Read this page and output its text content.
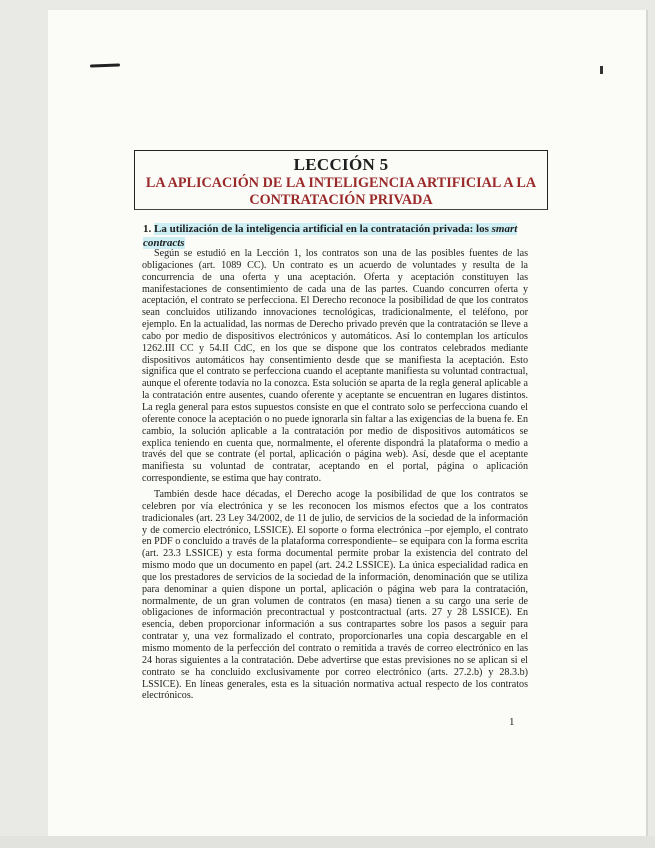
LECCIÓN 5
LA APLICACIÓN DE LA INTELIGENCIA ARTIFICIAL A LA CONTRATACIÓN PRIVADA
1. La utilización de la inteligencia artificial en la contratación privada: los smart contracts

Según se estudió en la Lección 1, los contratos son una de las posibles fuentes de las obligaciones (art. 1089 CC). Un contrato es un acuerdo de voluntades y resulta de la concurrencia de una oferta y una aceptación. Oferta y aceptación constituyen las manifestaciones de consentimiento de cada una de las partes. Cuando concurren oferta y aceptación, el contrato se perfecciona. El Derecho reconoce la posibilidad de que los contratos sean concluidos utilizando innovaciones tecnológicas, tradicionalmente, el teléfono, por ejemplo. En la actualidad, las normas de Derecho privado prevén que la contratación se lleve a cabo por medio de dispositivos electrónicos y automáticos. Así lo contemplan los artículos 1262.III CC y 54.II CdC, en los que se dispone que los contratos celebrados mediante dispositivos automáticos hay consentimiento desde que se manifiesta la aceptación. Esto significa que el contrato se perfecciona cuando el aceptante manifiesta su voluntad contractual, aunque el oferente todavía no la conozca. Esta solución se aparta de la regla general aplicable a la contratación entre ausentes, cuando oferente y aceptante se encuentran en lugares distintos. La regla general para estos supuestos consiste en que el contrato solo se perfecciona cuando el oferente conoce la aceptación o no puede ignorarla sin faltar a las exigencias de la buena fe. En cambio, la solución aplicable a la contratación por medio de dispositivos automáticos se explica teniendo en cuenta que, normalmente, el oferente dispondrá la plataforma o medio a través del que se contrate (el portal, aplicación o página web). Así, desde que el aceptante manifiesta su voluntad de contratar, aceptando en el portal, página o aplicación correspondiente, se estima que hay contrato.

También desde hace décadas, el Derecho acoge la posibilidad de que los contratos se celebren por vía electrónica y se les reconocen los mismos efectos que a los contratos tradicionales (art. 23 Ley 34/2002, de 11 de julio, de servicios de la sociedad de la información y de comercio electrónico, LSSICE). El soporte o forma electrónica –por ejemplo, el contrato en PDF o concluido a través de la plataforma correspondiente– se equipara con la forma escrita (art. 23.3 LSSICE) y esta forma documental permite probar la existencia del contrato del mismo modo que un documento en papel (art. 24.2 LSSICE). La única especialidad radica en que los prestadores de servicios de la sociedad de la información, denominación que se utiliza para denominar a quien dispone un portal, aplicación o página web para la contratación, normalmente, de un gran volumen de contratos (en masa) tienen a su cargo una serie de obligaciones de información precontractual y postcontractual (arts. 27 y 28 LSSICE). En esencia, deben proporcionar información a sus contrapartes sobre los pasos a seguir para contratar y, una vez formalizado el contrato, proporcionarles una copia descargable en el mismo momento de la perfección del contrato o remitida a través de correo electrónico en las 24 horas siguientes a la contratación. Debe advertirse que estas previsiones no se aplican si el contrato se ha concluido exclusivamente por correo electrónico (arts. 27.2.b) y 28.3.b) LSSICE). En líneas generales, esta es la situación normativa actual respecto de los contratos electrónicos.

1
